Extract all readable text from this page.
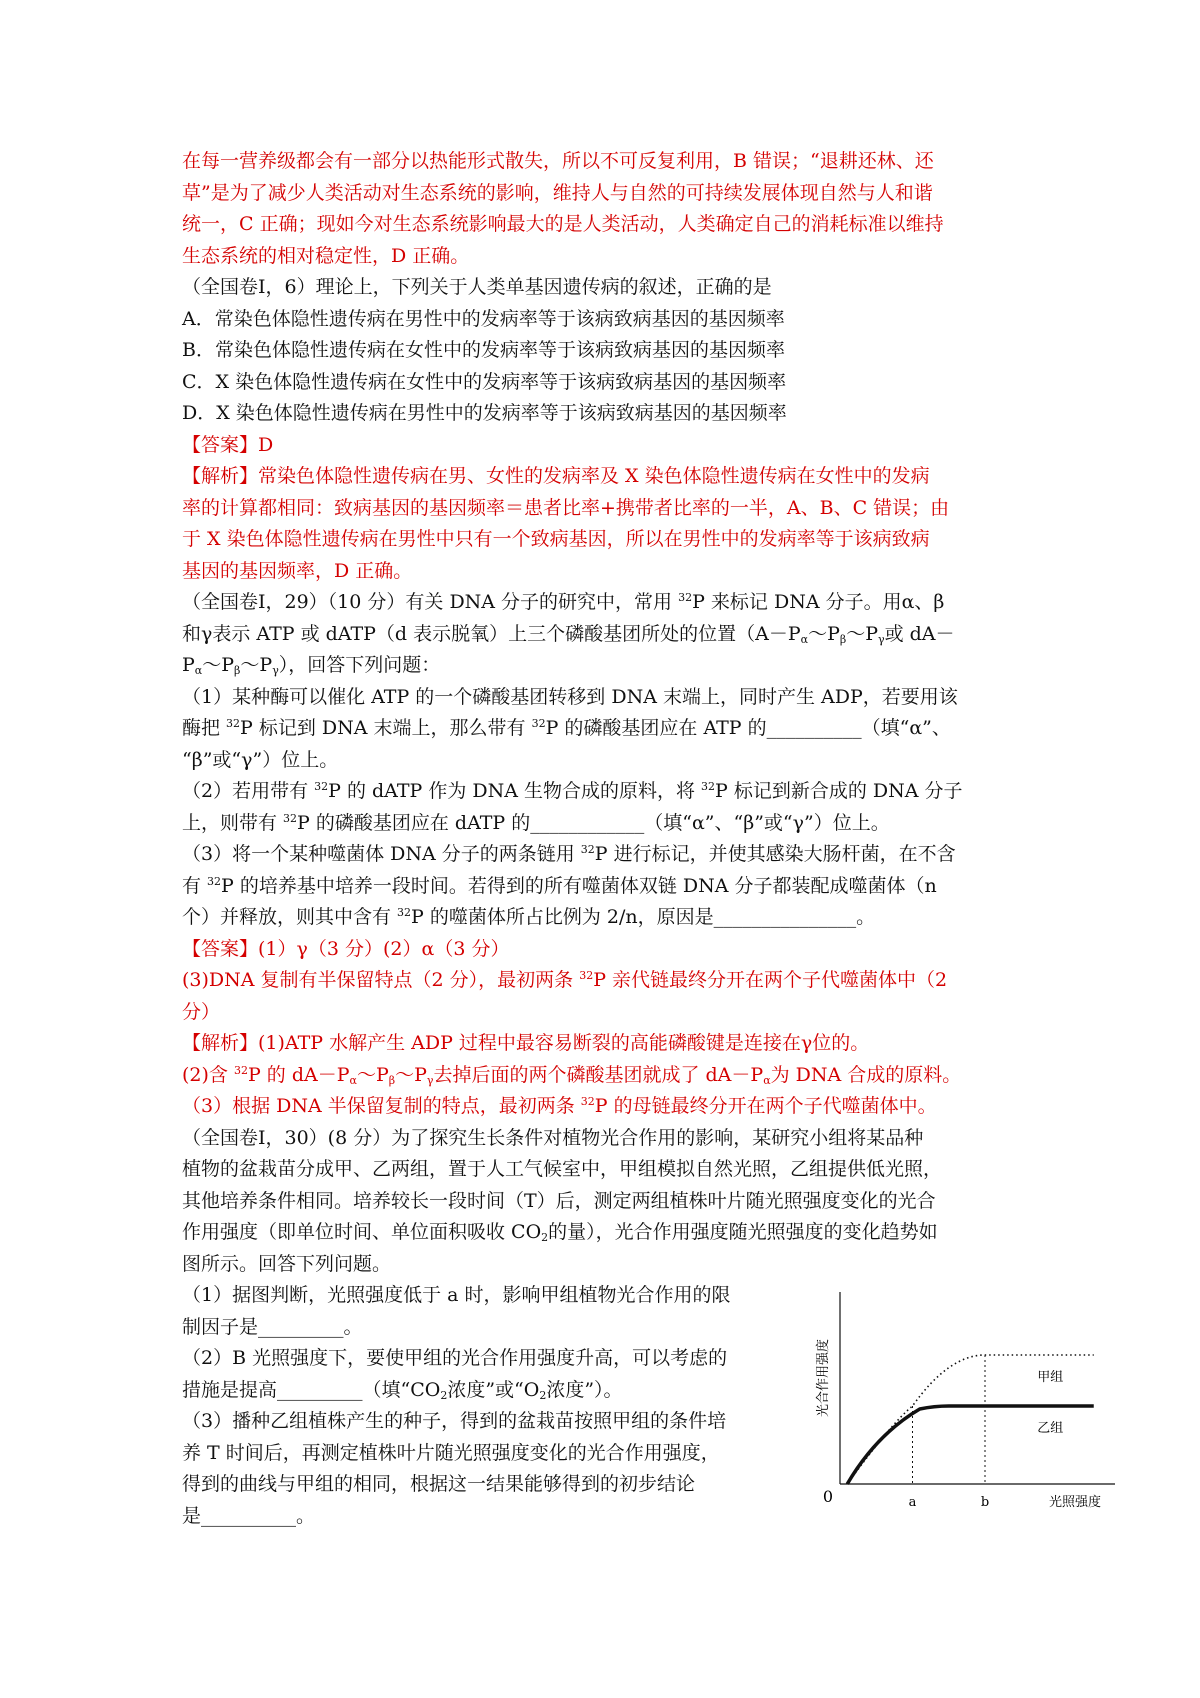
在每一营养级都会有一部分以热能形式散失，所以不可反复利用，B 错误；“退耕还林、还

草”是为了减少人类活动对生态系统的影响，维持人与自然的可持续发展体现自然与人和谐

统一，C 正确；现如今对生态系统影响最大的是人类活动，人类确定自己的消耗标准以维持

生态系统的相对稳定性，D 正确。

（全国卷Ⅰ，6）理论上，下列关于人类单基因遗传病的叙述，正确的是

A．常染色体隐性遗传病在男性中的发病率等于该病致病基因的基因频率

B．常染色体隐性遗传病在女性中的发病率等于该病致病基因的基因频率

C．X 染色体隐性遗传病在女性中的发病率等于该病致病基因的基因频率

D．X 染色体隐性遗传病在男性中的发病率等于该病致病基因的基因频率

【答案】D

【解析】常染色体隐性遗传病在男、女性的发病率及 X 染色体隐性遗传病在女性中的发病

率的计算都相同：致病基因的基因频率＝患者比率+携带者比率的一半，A、B、C 错误；由

于 X 染色体隐性遗传病在男性中只有一个致病基因，所以在男性中的发病率等于该病致病

基因的基因频率，D 正确。

（全国卷Ⅰ，29）（10 分）有关 DNA 分子的研究中，常用 $^{32}$P 来标记 DNA 分子。用α、β

和γ表示 ATP 或 dATP（d 表示脱氧）上三个磷酸基团所处的位置（$A-P_\alpha\sim P_\beta\sim P_\gamma$或 dA－

$P_\alpha\sim P_\beta\sim P_\gamma$），回答下列问题：

（1）某种酶可以催化 ATP 的一个磷酸基团转移到 DNA 末端上，同时产生 ADP，若要用该

酶把 $^{32}$P 标记到 DNA 末端上，那么带有 $^{32}$P 的磷酸基团应在 ATP 的__________（填“α”、

“β”或“γ”）位上。

（2）若用带有 $^{32}$P 的 dATP 作为 DNA 生物合成的原料，将 $^{32}$P 标记到新合成的 DNA 分子

上，则带有 $^{32}$P 的磷酸基团应在 dATP 的____________（填“α”、“β”或“γ”）位上。

（3）将一个某种噬菌体 DNA 分子的两条链用 $^{32}$P 进行标记，并使其感染大肠杆菌，在不含

有 $^{32}$P 的培养基中培养一段时间。若得到的所有噬菌体双链 DNA 分子都装配成噬菌体（n

个）并释放，则其中含有 $^{32}$P 的噬菌体所占比例为 2/n，原因是_______________。

【答案】(1）γ（3 分）(2）α（3 分）

(3)DNA 复制有半保留特点（2 分），最初两条 $^{32}$P 亲代链最终分开在两个子代噬菌体中（2

分）

【解析】(1)ATP 水解产生 ADP 过程中最容易断裂的高能磷酸键是连接在γ位的。

(2)含 $^{32}$P 的 $dA-P_\alpha\sim P_\beta\sim P_\gamma$去掉后面的两个磷酸基团就成了 $dA-P_\alpha$为 DNA 合成的原料。

（3）根据 DNA 半保留复制的特点，最初两条 $^{32}$P 的母链最终分开在两个子代噬菌体中。

（全国卷Ⅰ，30）(8 分）为了探究生长条件对植物光合作用的影响，某研究小组将某品种

植物的盆栽苗分成甲、乙两组，置于人工气候室中，甲组模拟自然光照，乙组提供低光照，

其他培养条件相同。培养较长一段时间（T）后，测定两组植株叶片随光照强度变化的光合

作用强度（即单位时间、单位面积吸收 $CO_2$的量），光合作用强度随光照强度的变化趋势如

图所示。回答下列问题。

（1）据图判断，光照强度低于 a 时，影响甲组植物光合作用的限

制因子是_________。

（2）B 光照强度下，要使甲组的光合作用强度升高，可以考虑的

措施是提高_________（填“$CO_2$浓度”或“$O_2$浓度”）。

（3）播种乙组植株产生的种子，得到的盆栽苗按照甲组的条件培

养 T 时间后，再测定植株叶片随光照强度变化的光合作用强度，

得到的曲线与甲组的相同，根据这一结果能够得到的初步结论

是__________。

光合作用强度
0	光照强度
a	b
甲组
乙组
